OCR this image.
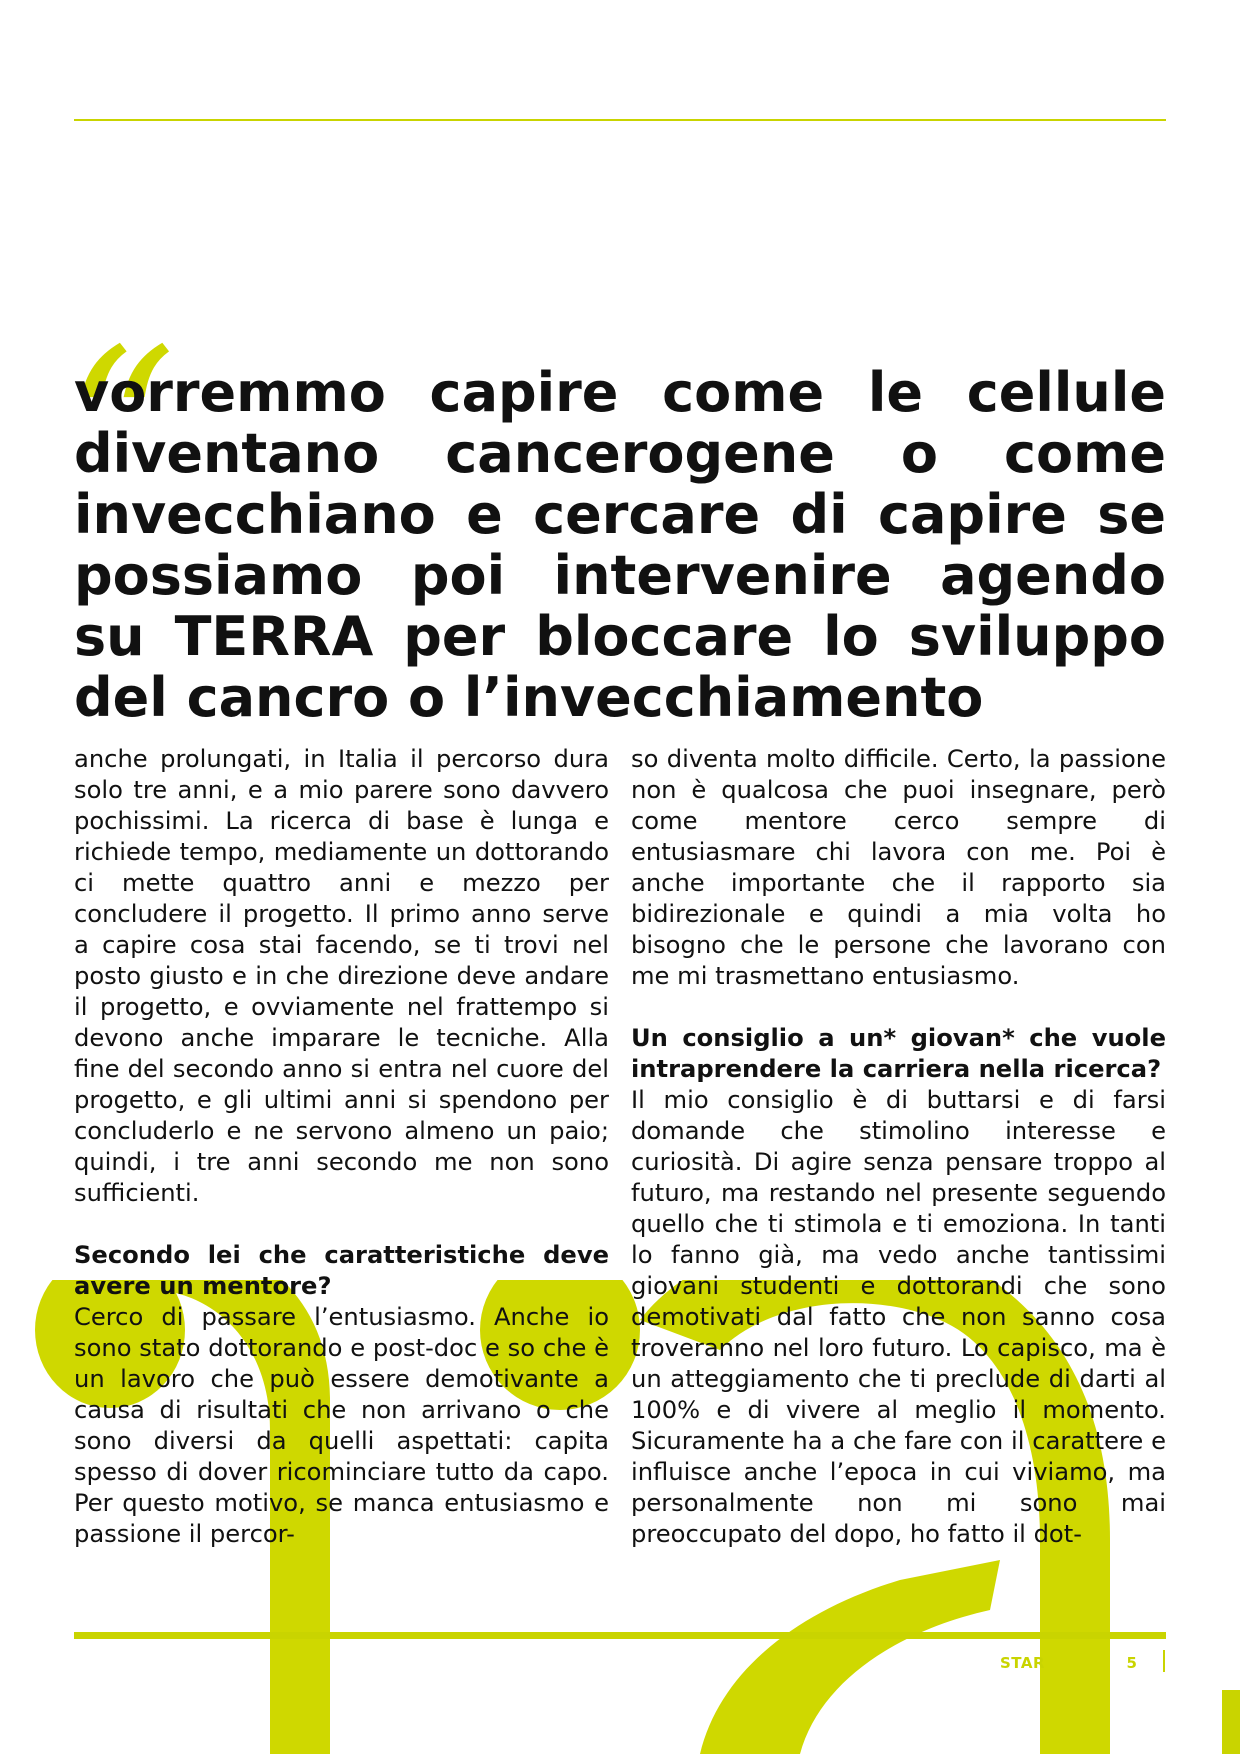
“
vorremmo capire come le cellule diventano cancerogene o come invecchiano e cercare di capire se possiamo poi intervenire agendo su TERRA per bloccare lo sviluppo del cancro o l’invecchiamento

anche prolungati, in Italia il percorso dura solo tre anni, e a mio parere sono davvero pochissimi. La ricerca di base è lunga e richiede tempo, mediamente un dottorando ci mette quattro anni e mezzo per concludere il progetto. Il primo anno serve a capire cosa stai facendo, se ti trovi nel posto giusto e in che direzione deve andare il progetto, e ovviamente nel frattempo si devono anche imparare le tecniche. Alla fine del secondo anno si entra nel cuore del progetto, e gli ultimi anni si spendono per concluderlo e ne servono almeno un paio; quindi, i tre anni secondo me non sono sufficienti.

Secondo lei che caratteristiche deve avere un mentore?

Cerco di passare l’entusiasmo. Anche io sono stato dottorando e post-doc e so che è un lavoro che può essere demotivante a causa di risultati che non arrivano o che sono diversi da quelli aspettati: capita spesso di dover ricominciare tutto da capo. Per questo motivo, se manca entusiasmo e passione il percor-

so diventa molto difficile. Certo, la passione non è qualcosa che puoi insegnare, però come mentore cerco sempre di entusiasmare chi lavora con me. Poi è anche importante che il rapporto sia bidirezionale e quindi a mia volta ho bisogno che le persone che lavorano con me mi trasmettano entusiasmo.

Un consiglio a un* giovan* che vuole intraprendere la carriera nella ricerca?

Il mio consiglio è di buttarsi e di farsi domande che stimolino interesse e curiosità. Di agire senza pensare troppo al futuro, ma restando nel presente seguendo quello che ti stimola e ti emoziona. In tanti lo fanno già, ma vedo anche tantissimi giovani studenti e dottorandi che sono demotivati dal fatto che non sanno cosa troveranno nel loro futuro. Lo capisco, ma è un atteggiamento che ti preclude di darti al 100% e di vivere al meglio il momento. Sicuramente ha a che fare con il carattere e influisce anche l’epoca in cui viviamo, ma personalmente non mi sono mai preoccupato del dopo, ho fatto il dot-

STAR	5
